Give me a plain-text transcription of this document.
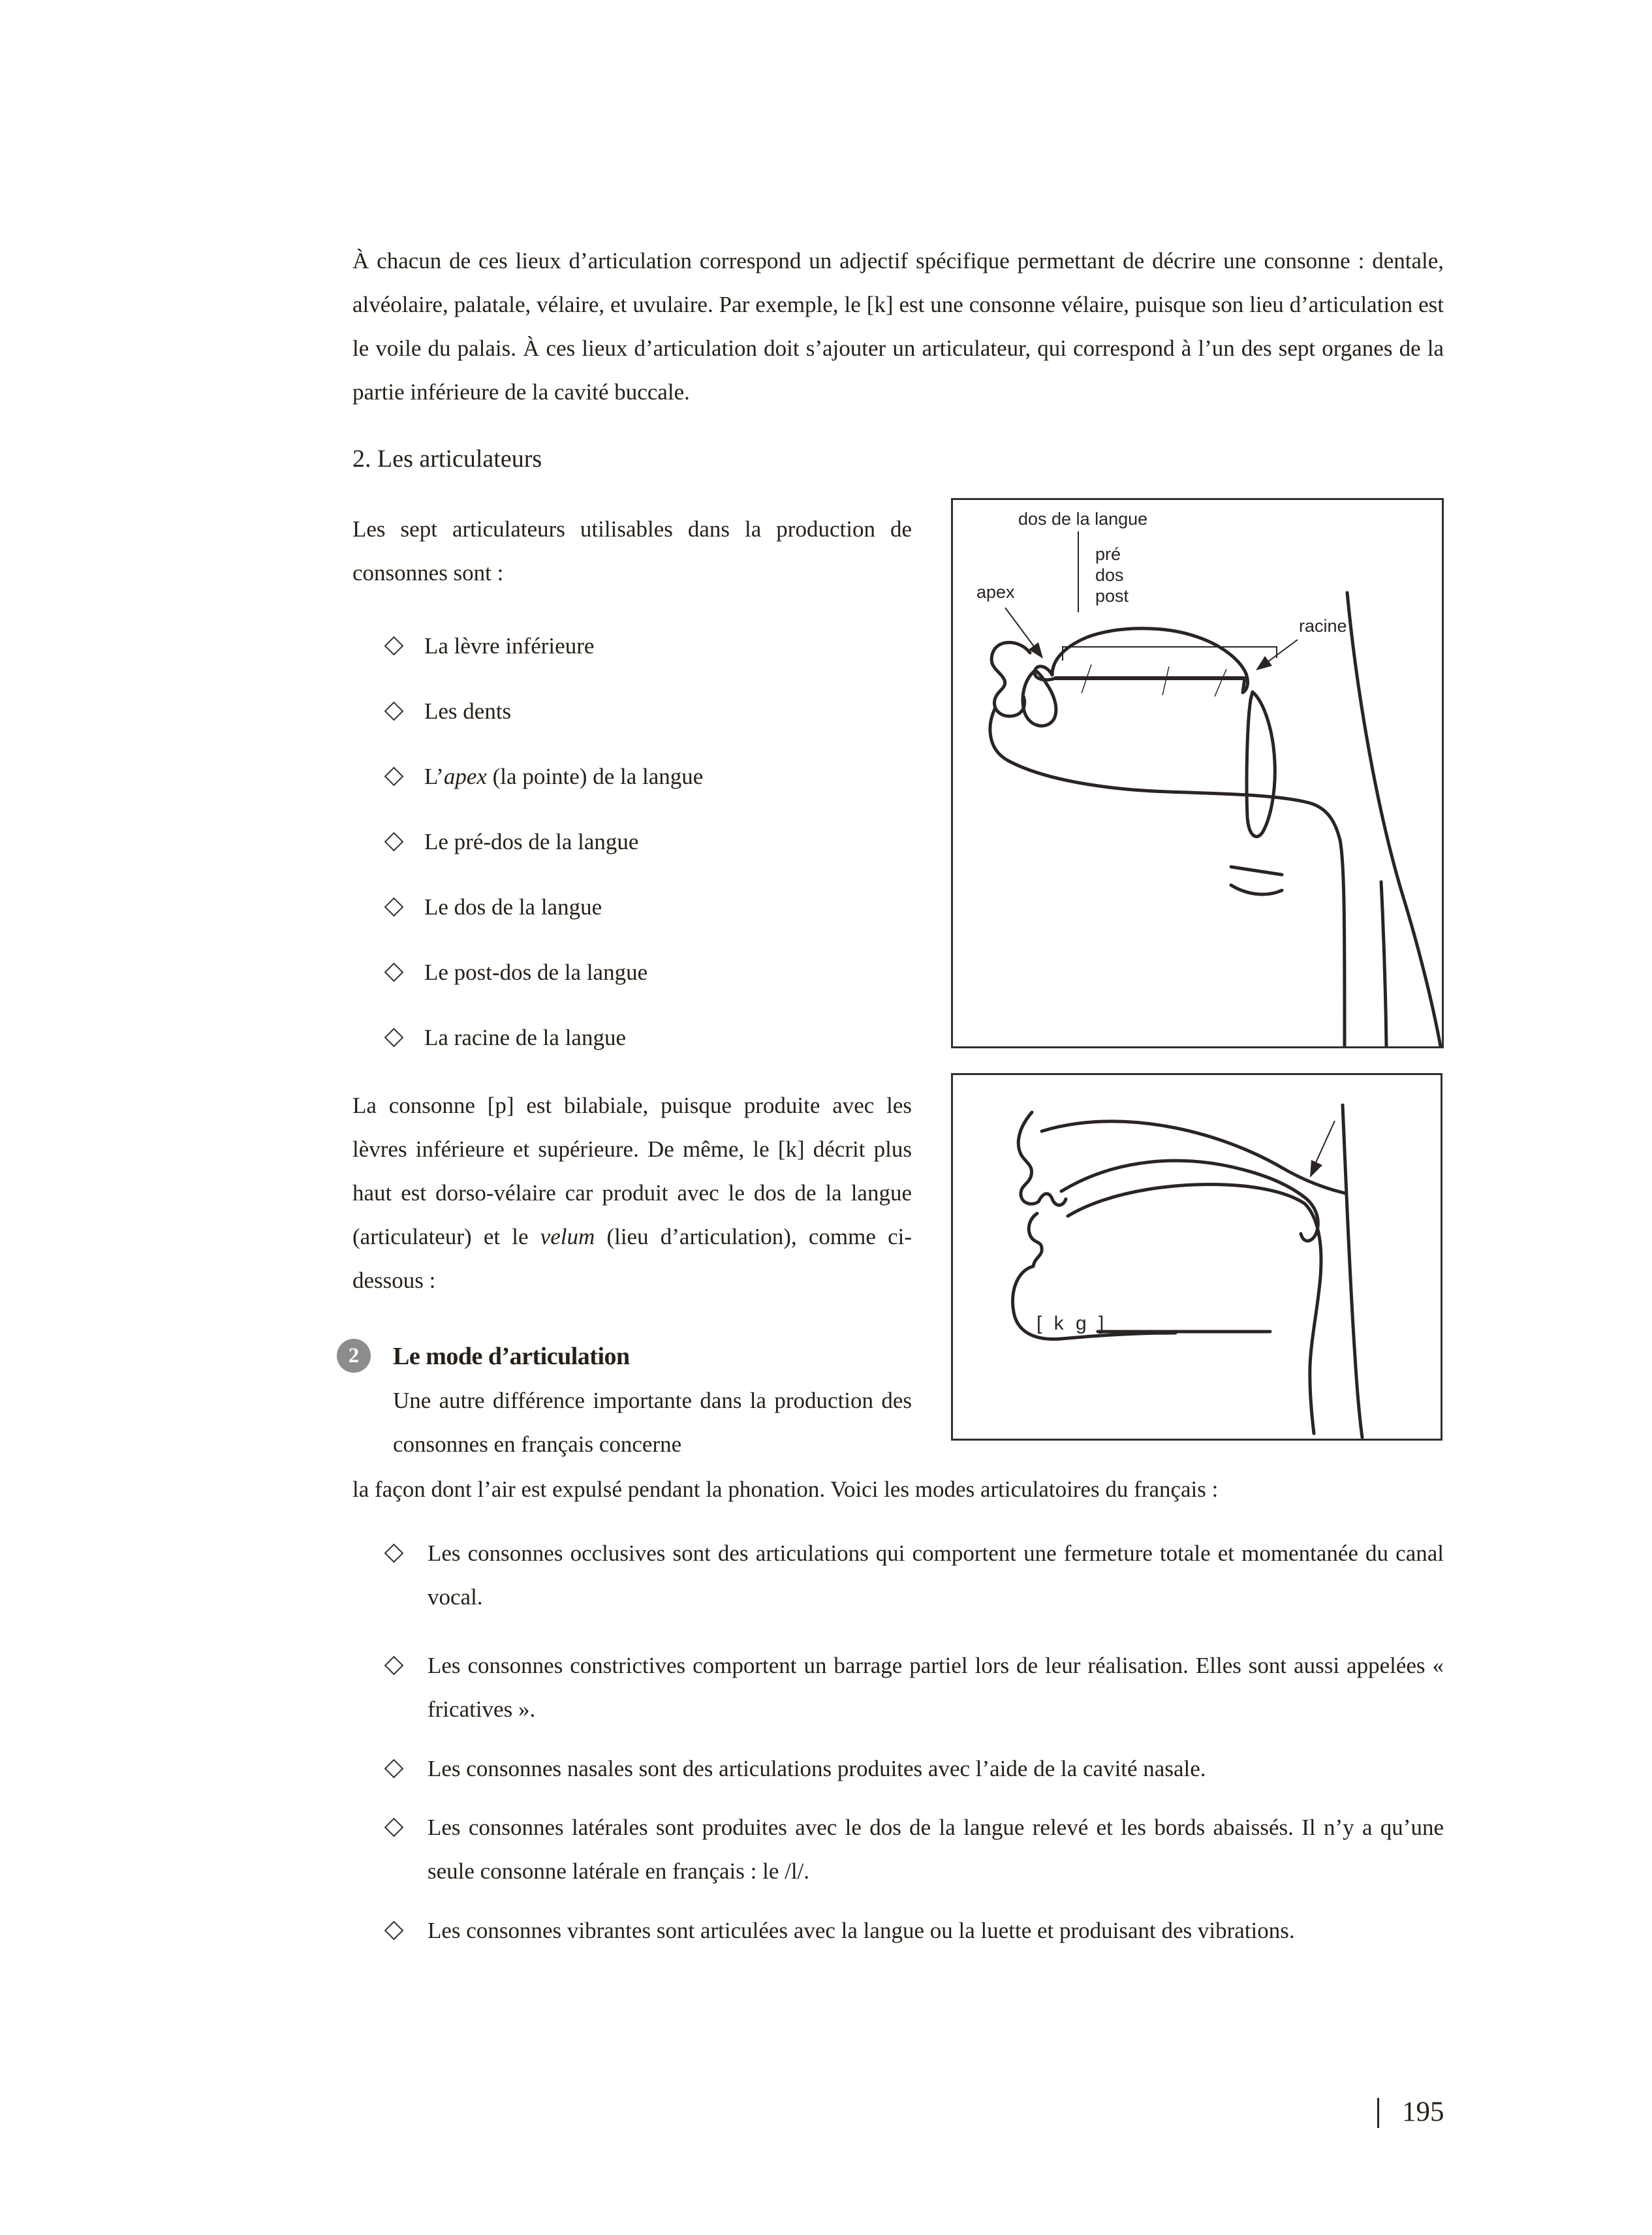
À chacun de ces lieux d’articulation correspond un adjectif spécifique permettant de décrire une consonne : dentale, alvéolaire, palatale, vélaire, et uvulaire. Par exemple, le [k] est une consonne vélaire, puisque son lieu d’articulation est le voile du palais. À ces lieux d’articulation doit s’ajouter un articulateur, qui correspond à l’un des sept organes de la partie inférieure de la cavité buccale.
2. Les articulateurs
Les sept articulateurs utilisables dans la production de consonnes sont :
La lèvre inférieure
Les dents
L’apex (la pointe) de la langue
Le pré-dos de la langue
Le dos de la langue
Le post-dos de la langue
La racine de la langue
dos de la langue
pré
dos
post
apex
racine
La consonne [p] est bilabiale, puisque produite avec les lèvres inférieure et supérieure. De même, le [k] décrit plus haut est dorso-vélaire car produit avec le dos de la langue (articulateur) et le velum (lieu d’articulation), comme ci-dessous :
[ k g ]
2	Le mode d’articulation
Une autre différence importante dans la production des consonnes en français concerne
la façon dont l’air est expulsé pendant la phonation. Voici les modes articulatoires du français :
Les consonnes occlusives sont des articulations qui comportent une fermeture totale et momentanée du canal vocal.
Les consonnes constrictives comportent un barrage partiel lors de leur réalisation. Elles sont aussi appelées « fricatives ».
Les consonnes nasales sont des articulations produites avec l’aide de la cavité nasale.
Les consonnes latérales sont produites avec le dos de la langue relevé et les bords abaissés. Il n’y a qu’une seule consonne latérale en français : le /l/.
Les consonnes vibrantes sont articulées avec la langue ou la luette et produisant des vibrations.
195
